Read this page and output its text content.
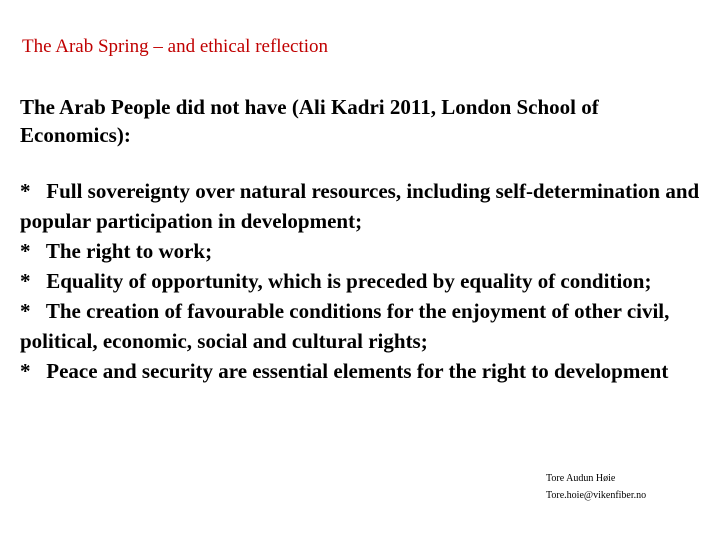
The Arab Spring – and ethical reflection
The Arab People did not have (Ali Kadri 2011, London School of Economics):

*   Full sovereignty over natural resources, including self-determination and popular participation in development;

*   The right to work;

*   Equality of opportunity, which is preceded by equality of condition;

*   The creation of favourable conditions for the enjoyment of other civil, political, economic, social and cultural rights;

*   Peace and security are essential elements for the right to development

Tore Audun Høie
Tore.hoie@vikenfiber.no
